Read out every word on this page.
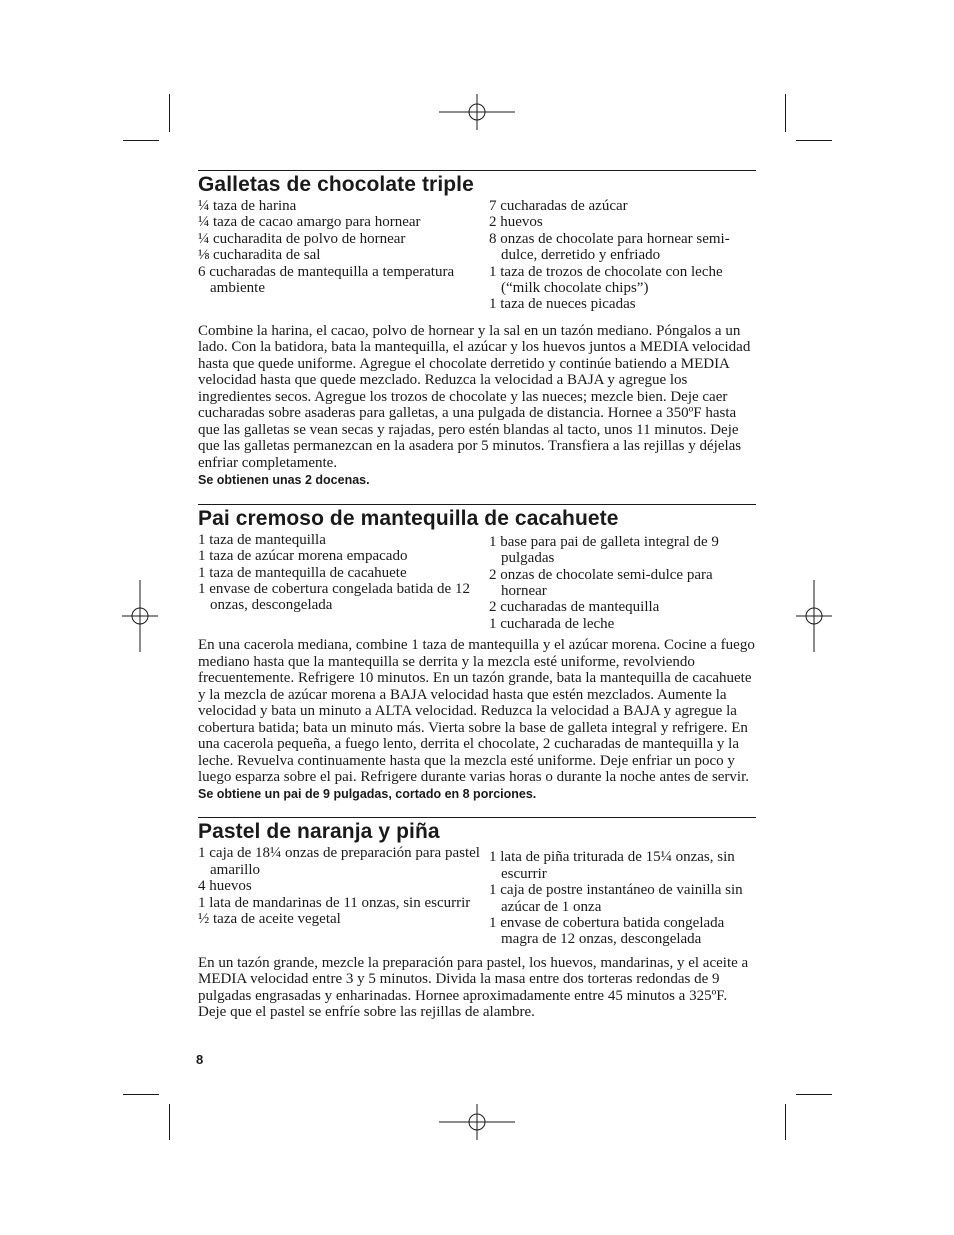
Galletas de chocolate triple
¼ taza de harina
¼ taza de cacao amargo para hornear
¼ cucharadita de polvo de hornear
⅛ cucharadita de sal
6 cucharadas de mantequilla a temperatura ambiente
7 cucharadas de azúcar
2 huevos
8 onzas de chocolate para hornear semi-dulce, derretido y enfriado
1 taza de trozos de chocolate con leche (“milk chocolate chips”)
1 taza de nueces picadas

Combine la harina, el cacao, polvo de hornear y la sal en un tazón mediano. Póngalos a un lado. Con la batidora, bata la mantequilla, el azúcar y los huevos juntos a MEDIA velocidad hasta que quede uniforme. Agregue el chocolate derretido y continúe batiendo a MEDIA velocidad hasta que quede mezclado. Reduzca la velocidad a BAJA y agregue los ingredientes secos. Agregue los trozos de chocolate y las nueces; mezcle bien. Deje caer cucharadas sobre asaderas para galletas, a una pulgada de distancia. Hornee a 350ºF hasta que las galletas se vean secas y rajadas, pero estén blandas al tacto, unos 11 minutos. Deje que las galletas permanezcan en la asadera por 5 minutos. Transfiera a las rejillas y déjelas enfriar completamente.
Se obtienen unas 2 docenas.

Pai cremoso de mantequilla de cacahuete
1 taza de mantequilla
1 taza de azúcar morena empacado
1 taza de mantequilla de cacahuete
1 envase de cobertura congelada batida de 12 onzas, descongelada
1 base para pai de galleta integral de 9 pulgadas
2 onzas de chocolate semi-dulce para hornear
2 cucharadas de mantequilla
1 cucharada de leche

En una cacerola mediana, combine 1 taza de mantequilla y el azúcar morena. Cocine a fuego mediano hasta que la mantequilla se derrita y la mezcla esté uniforme, revolviendo frecuentemente. Refrigere 10 minutos. En un tazón grande, bata la mantequilla de cacahuete y la mezcla de azúcar morena a BAJA velocidad hasta que estén mezclados. Aumente la velocidad y bata un minuto a ALTA velocidad. Reduzca la velocidad a BAJA y agregue la cobertura batida; bata un minuto más. Vierta sobre la base de galleta integral y refrigere. En una cacerola pequeña, a fuego lento, derrita el chocolate, 2 cucharadas de mantequilla y la leche. Revuelva continuamente hasta que la mezcla esté uniforme. Deje enfriar un poco y luego esparza sobre el pai. Refrigere durante varias horas o durante la noche antes de servir. Se obtiene un pai de 9 pulgadas, cortado en 8 porciones.

Pastel de naranja y piña
1 caja de 18¼ onzas de preparación para pastel amarillo
4 huevos
1 lata de mandarinas de 11 onzas, sin escurrir
½ taza de aceite vegetal
1 lata de piña triturada de 15¼ onzas, sin escurrir
1 caja de postre instantáneo de vainilla sin azúcar de 1 onza
1 envase de cobertura batida congelada magra de 12 onzas, descongelada

En un tazón grande, mezcle la preparación para pastel, los huevos, mandarinas, y el aceite a MEDIA velocidad entre 3 y 5 minutos. Divida la masa entre dos torteras redondas de 9 pulgadas engrasadas y enharinadas. Hornee aproximadamente entre 45 minutos a 325ºF. Deje que el pastel se enfríe sobre las rejillas de alambre.

8
